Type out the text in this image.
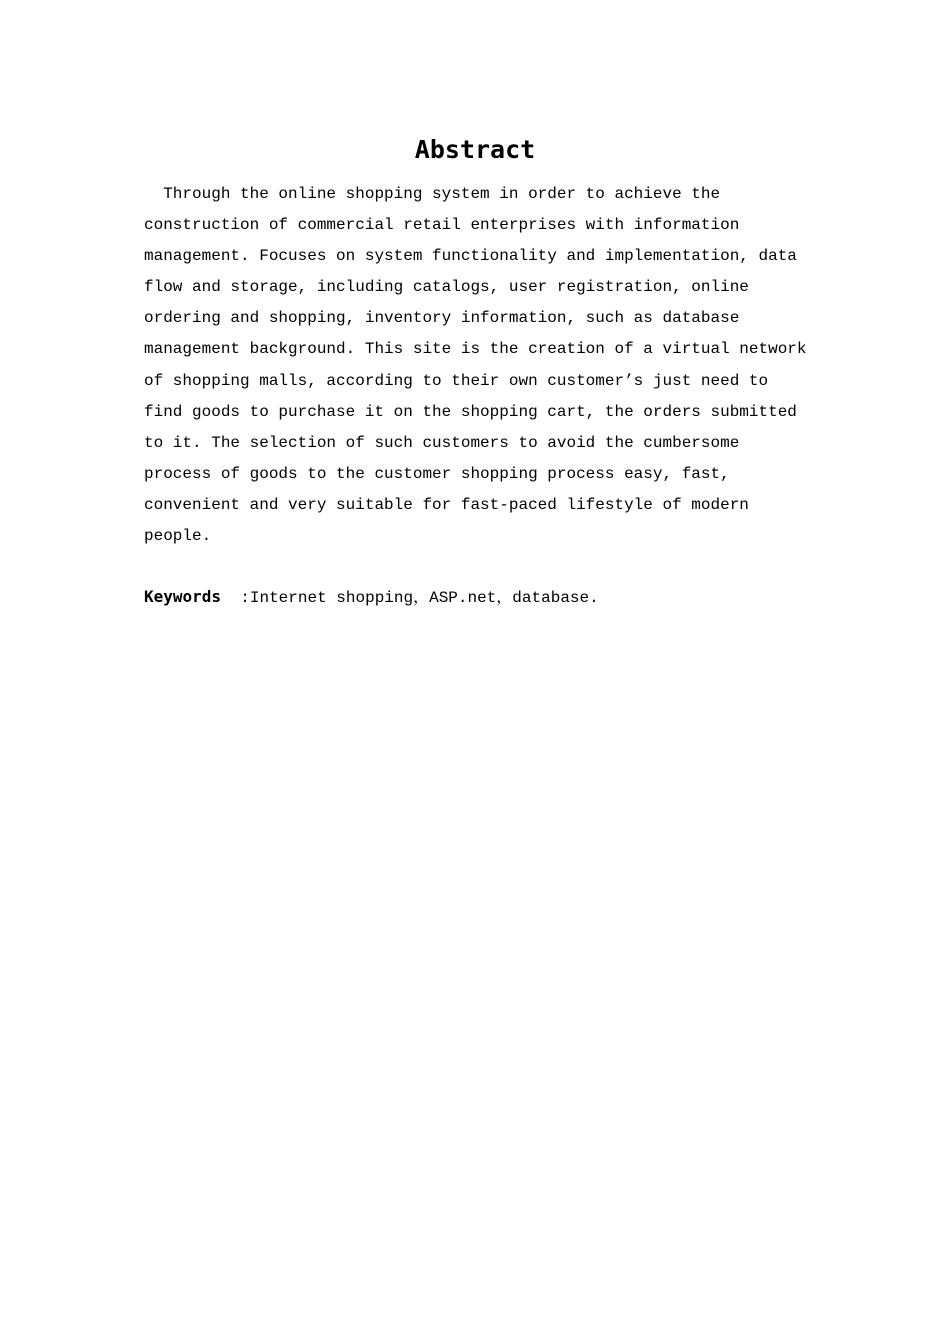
Abstract
Through the online shopping system in order to achieve the
construction of commercial retail enterprises with information
management. Focuses on system functionality and implementation, data
flow and storage, including catalogs, user registration, online
ordering and shopping, inventory information, such as database
management background. This site is the creation of a virtual network
of shopping malls, according to their own customer’s just need to
find goods to purchase it on the shopping cart, the orders submitted
to it. The selection of such customers to avoid the cumbersome
process of goods to the customer shopping process easy, fast,
convenient and very suitable for fast-paced lifestyle of modern
people.

Keywords  :Internet shopping，ASP.net，database.
